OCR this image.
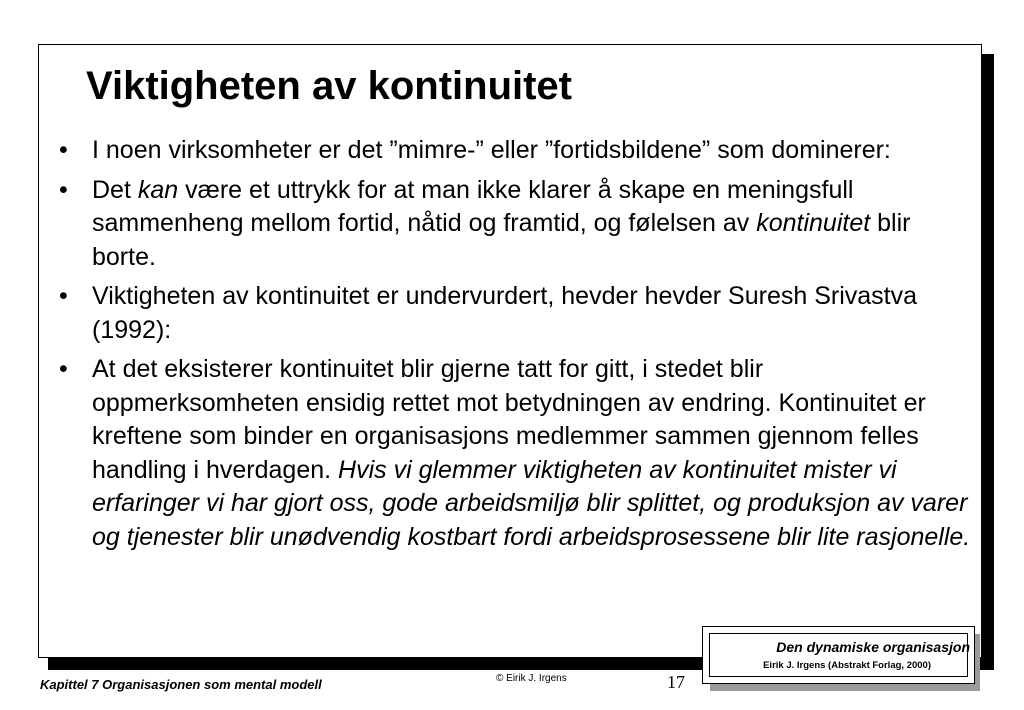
Viktigheten av kontinuitet
• I noen virksomheter er det ”mimre-” eller ”fortidsbildene” som dominerer:
• Det kan være et uttrykk for at man ikke klarer å skape en meningsfull sammenheng mellom fortid, nåtid og framtid, og følelsen av kontinuitet blir borte.
• Viktigheten av kontinuitet er undervurdert, hevder hevder Suresh Srivastva (1992):
• At det eksisterer kontinuitet blir gjerne tatt for gitt, i stedet blir oppmerksomheten ensidig rettet mot betydningen av endring. Kontinuitet er kreftene som binder en organisasjons medlemmer sammen gjennom felles handling i hverdagen. Hvis vi glemmer viktigheten av kontinuitet mister vi erfaringer vi har gjort oss, gode arbeidsmiljø blir splittet, og produksjon av varer og tjenester blir unødvendig kostbart fordi arbeidsprosessene blir lite rasjonelle.
Den dynamiske organisasjon
Eirik J. Irgens (Abstrakt Forlag, 2000)
Kapittel 7 Organisasjonen som mental modell	© Eirik J. Irgens	17
